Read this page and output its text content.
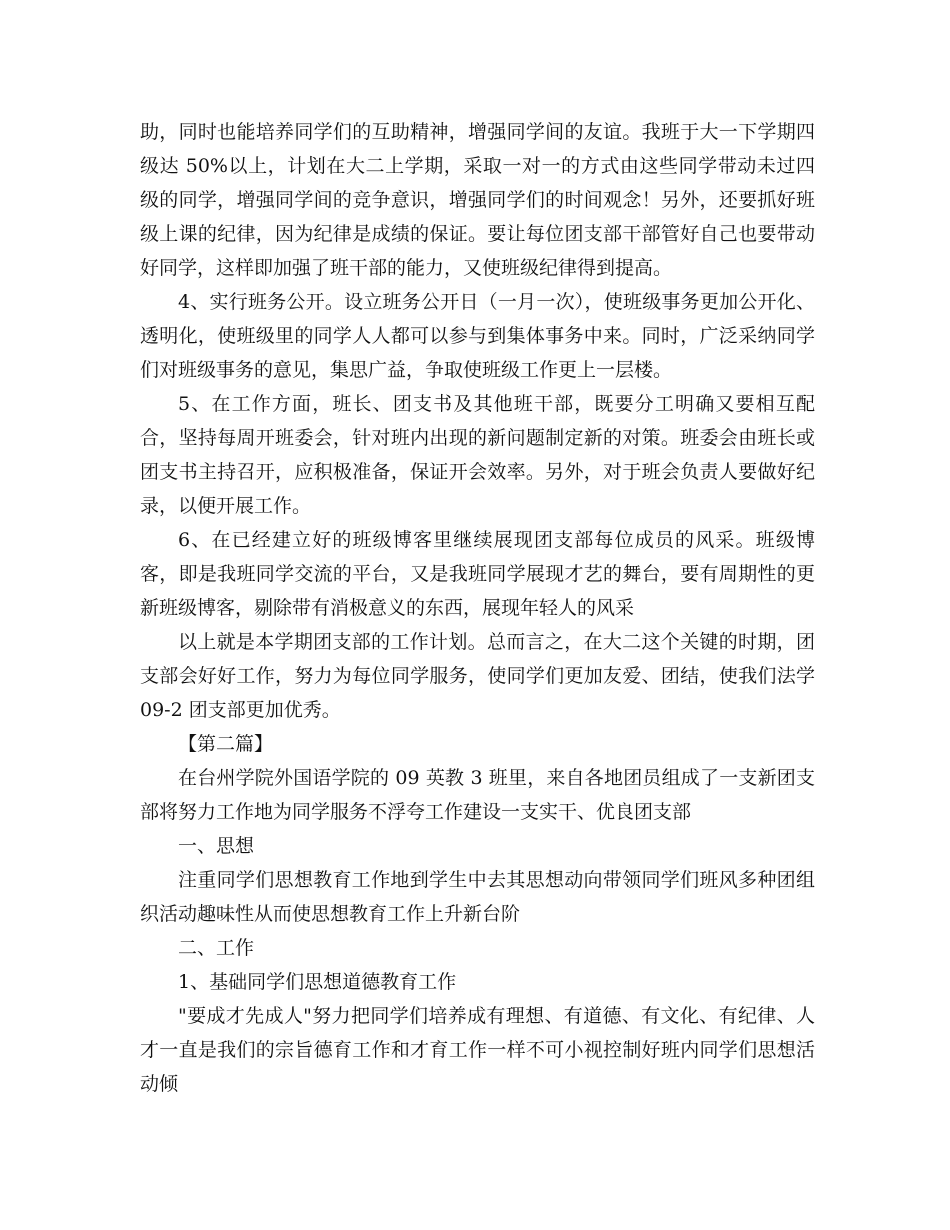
助，同时也能培养同学们的互助精神，增强同学间的友谊。我班于大一下学期四级达 50%以上，计划在大二上学期，采取一对一的方式由这些同学带动未过四级的同学，增强同学间的竞争意识，增强同学们的时间观念！另外，还要抓好班级上课的纪律，因为纪律是成绩的保证。要让每位团支部干部管好自己也要带动好同学，这样即加强了班干部的能力，又使班级纪律得到提高。

4、实行班务公开。设立班务公开日（一月一次），使班级事务更加公开化、透明化，使班级里的同学人人都可以参与到集体事务中来。同时，广泛采纳同学们对班级事务的意见，集思广益，争取使班级工作更上一层楼。

5、在工作方面，班长、团支书及其他班干部，既要分工明确又要相互配合，坚持每周开班委会，针对班内出现的新问题制定新的对策。班委会由班长或团支书主持召开，应积极准备，保证开会效率。另外，对于班会负责人要做好纪录，以便开展工作。

6、在已经建立好的班级博客里继续展现团支部每位成员的风采。班级博客，即是我班同学交流的平台，又是我班同学展现才艺的舞台，要有周期性的更新班级博客，剔除带有消极意义的东西，展现年轻人的风采

以上就是本学期团支部的工作计划。总而言之，在大二这个关键的时期，团支部会好好工作，努力为每位同学服务，使同学们更加友爱、团结，使我们法学 09-2 团支部更加优秀。

【第二篇】

在台州学院外国语学院的 09 英教 3 班里，来自各地团员组成了一支新团支部将努力工作地为同学服务不浮夸工作建设一支实干、优良团支部

一、思想

注重同学们思想教育工作地到学生中去其思想动向带领同学们班风多种团组织活动趣味性从而使思想教育工作上升新台阶

二、工作

1、基础同学们思想道德教育工作

"要成才先成人"努力把同学们培养成有理想、有道德、有文化、有纪律、人才一直是我们的宗旨德育工作和才育工作一样不可小视控制好班内同学们思想活动倾
